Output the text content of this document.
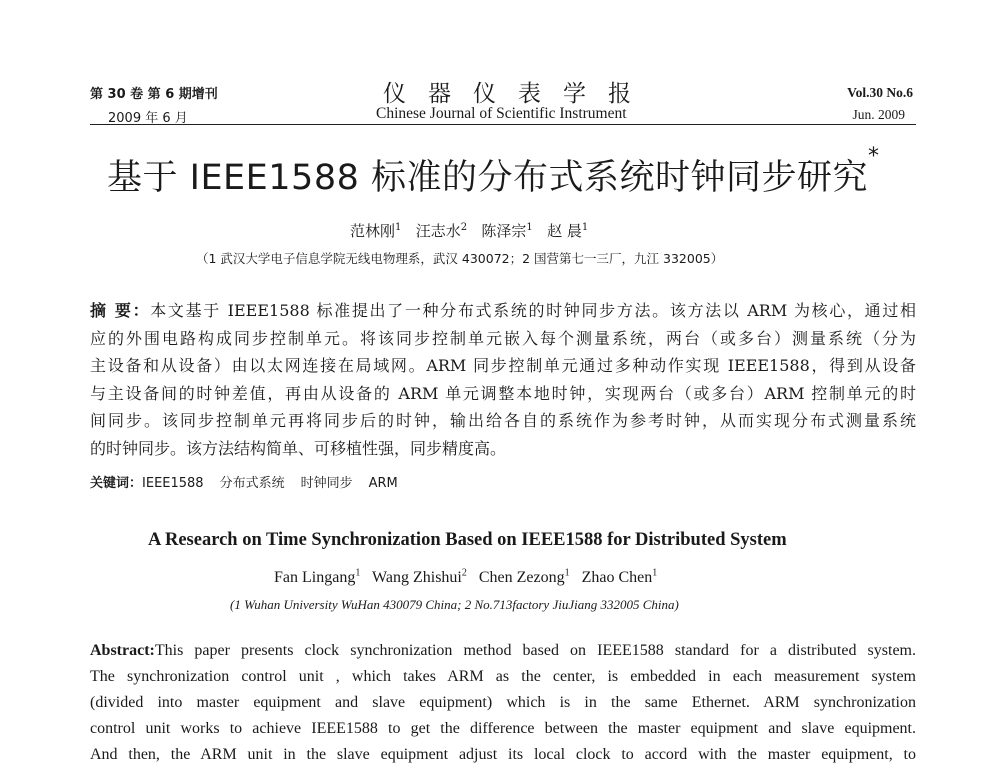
第 30 卷 第 6 期增刊
2009 年 6 月
仪器仪表学报
Chinese Journal of Scientific Instrument
Vol.30 No.6
Jun. 2009
基于 IEEE1588 标准的分布式系统时钟同步研究*
范林刚$^1$ 汪志水$^2$ 陈泽宗$^1$ 赵 晨$^1$
（1 武汉大学电子信息学院无线电物理系，武汉 430072；2 国营第七一三厂，九江 332005）
摘 要：本文基于 IEEE1588 标准提出了一种分布式系统的时钟同步方法。该方法以 ARM 为核心，通过相
应的外围电路构成同步控制单元。将该同步控制单元嵌入每个测量系统，两台（或多台）测量系统（分为
主设备和从设备）由以太网连接在局域网。ARM 同步控制单元通过多种动作实现 IEEE1588，得到从设备
与主设备间的时钟差值，再由从设备的 ARM 单元调整本地时钟，实现两台（或多台）ARM 控制单元的时
间同步。该同步控制单元再将同步后的时钟，输出给各自的系统作为参考时钟，从而实现分布式测量系统
的时钟同步。该方法结构简单、可移植性强，同步精度高。
关键词：IEEE1588 分布式系统 时钟同步 ARM
A Research on Time Synchronization Based on IEEE1588 for Distributed System
Fan Lingang$^1$ Wang Zhishui$^2$ Chen Zezong$^1$ Zhao Chen$^1$
(1 Wuhan University WuHan 430079 China; 2 No.713factory JiuJiang 332005 China)
Abstract:This paper presents clock synchronization method based on IEEE1588 standard for a distributed system.
The synchronization control unit , which takes ARM as the center, is embedded in each measurement system
(divided into master equipment and slave equipment) which is in the same Ethernet. ARM synchronization
control unit works to achieve IEEE1588 to get the difference between the master equipment and slave equipment.
And then, the ARM unit in the slave equipment adjust its local clock to accord with the master equipment, to
